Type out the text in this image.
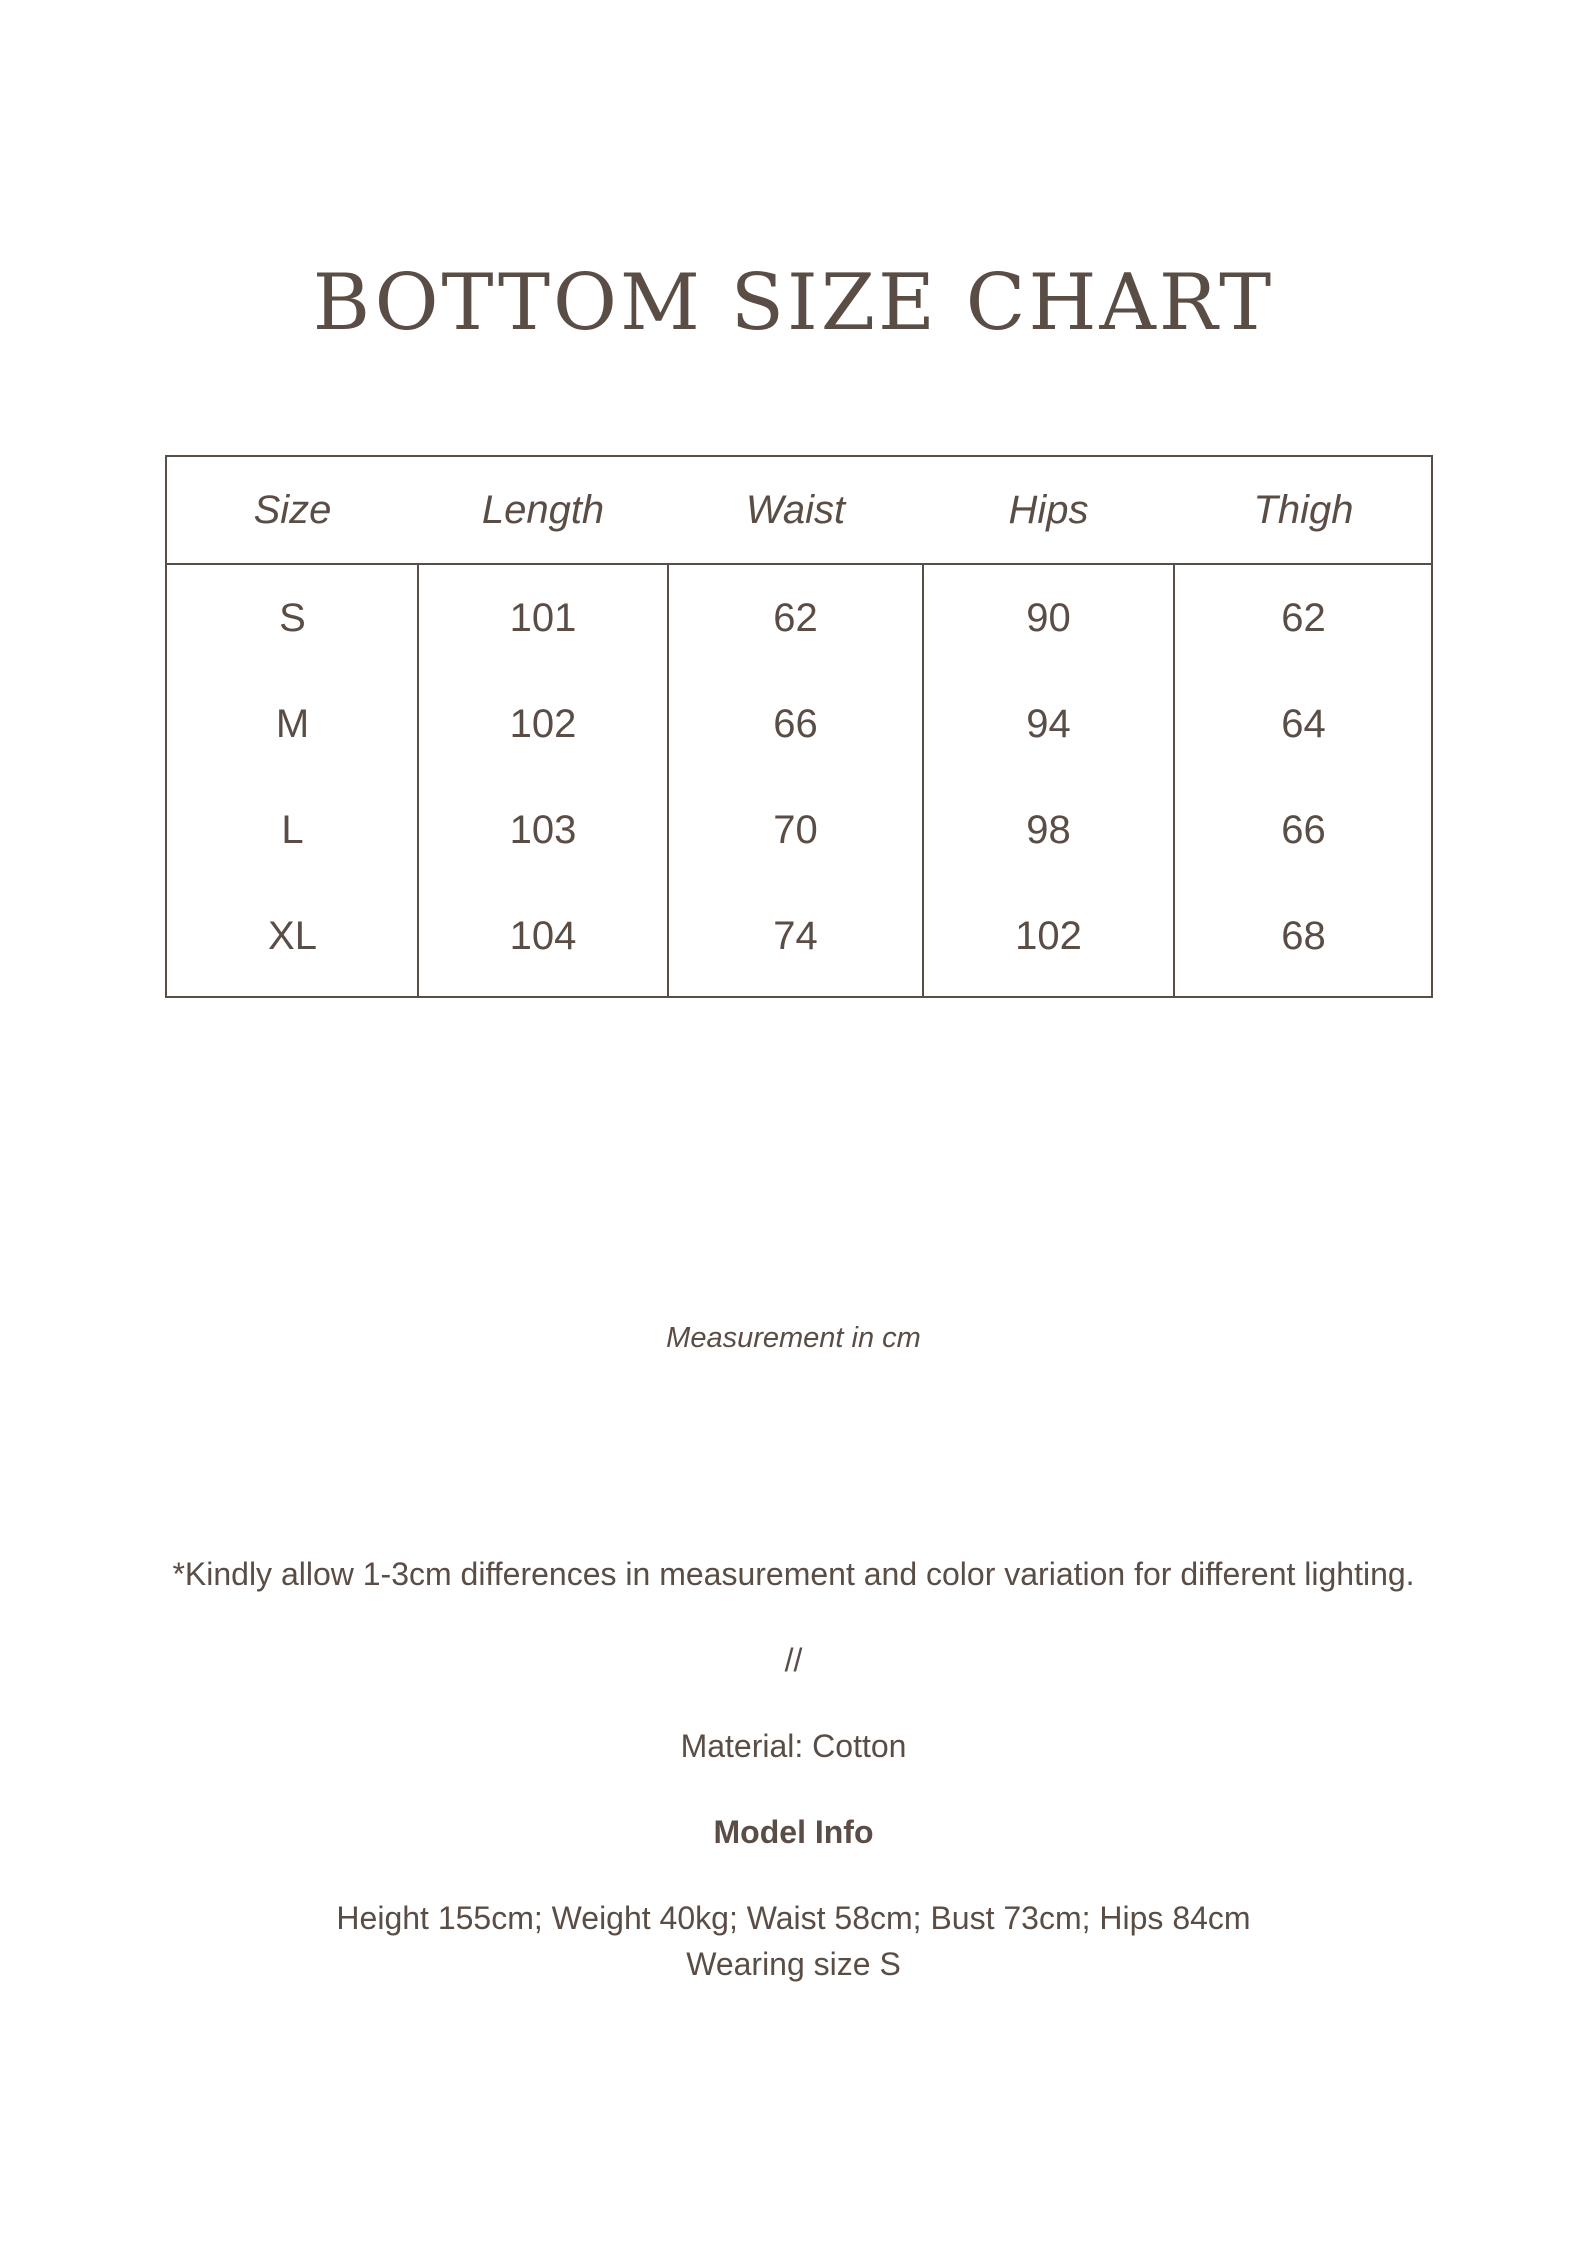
BOTTOM SIZE CHART
Size	Length	Waist	Hips	Thigh
S	101	62	90	62
M	102	66	94	64
L	103	70	98	66
XL	104	74	102	68
Measurement in cm
*Kindly allow 1-3cm differences in measurement and color variation for different lighting.
//
Material: Cotton
Model Info
Height 155cm; Weight 40kg; Waist 58cm; Bust 73cm; Hips 84cm
Wearing size S
